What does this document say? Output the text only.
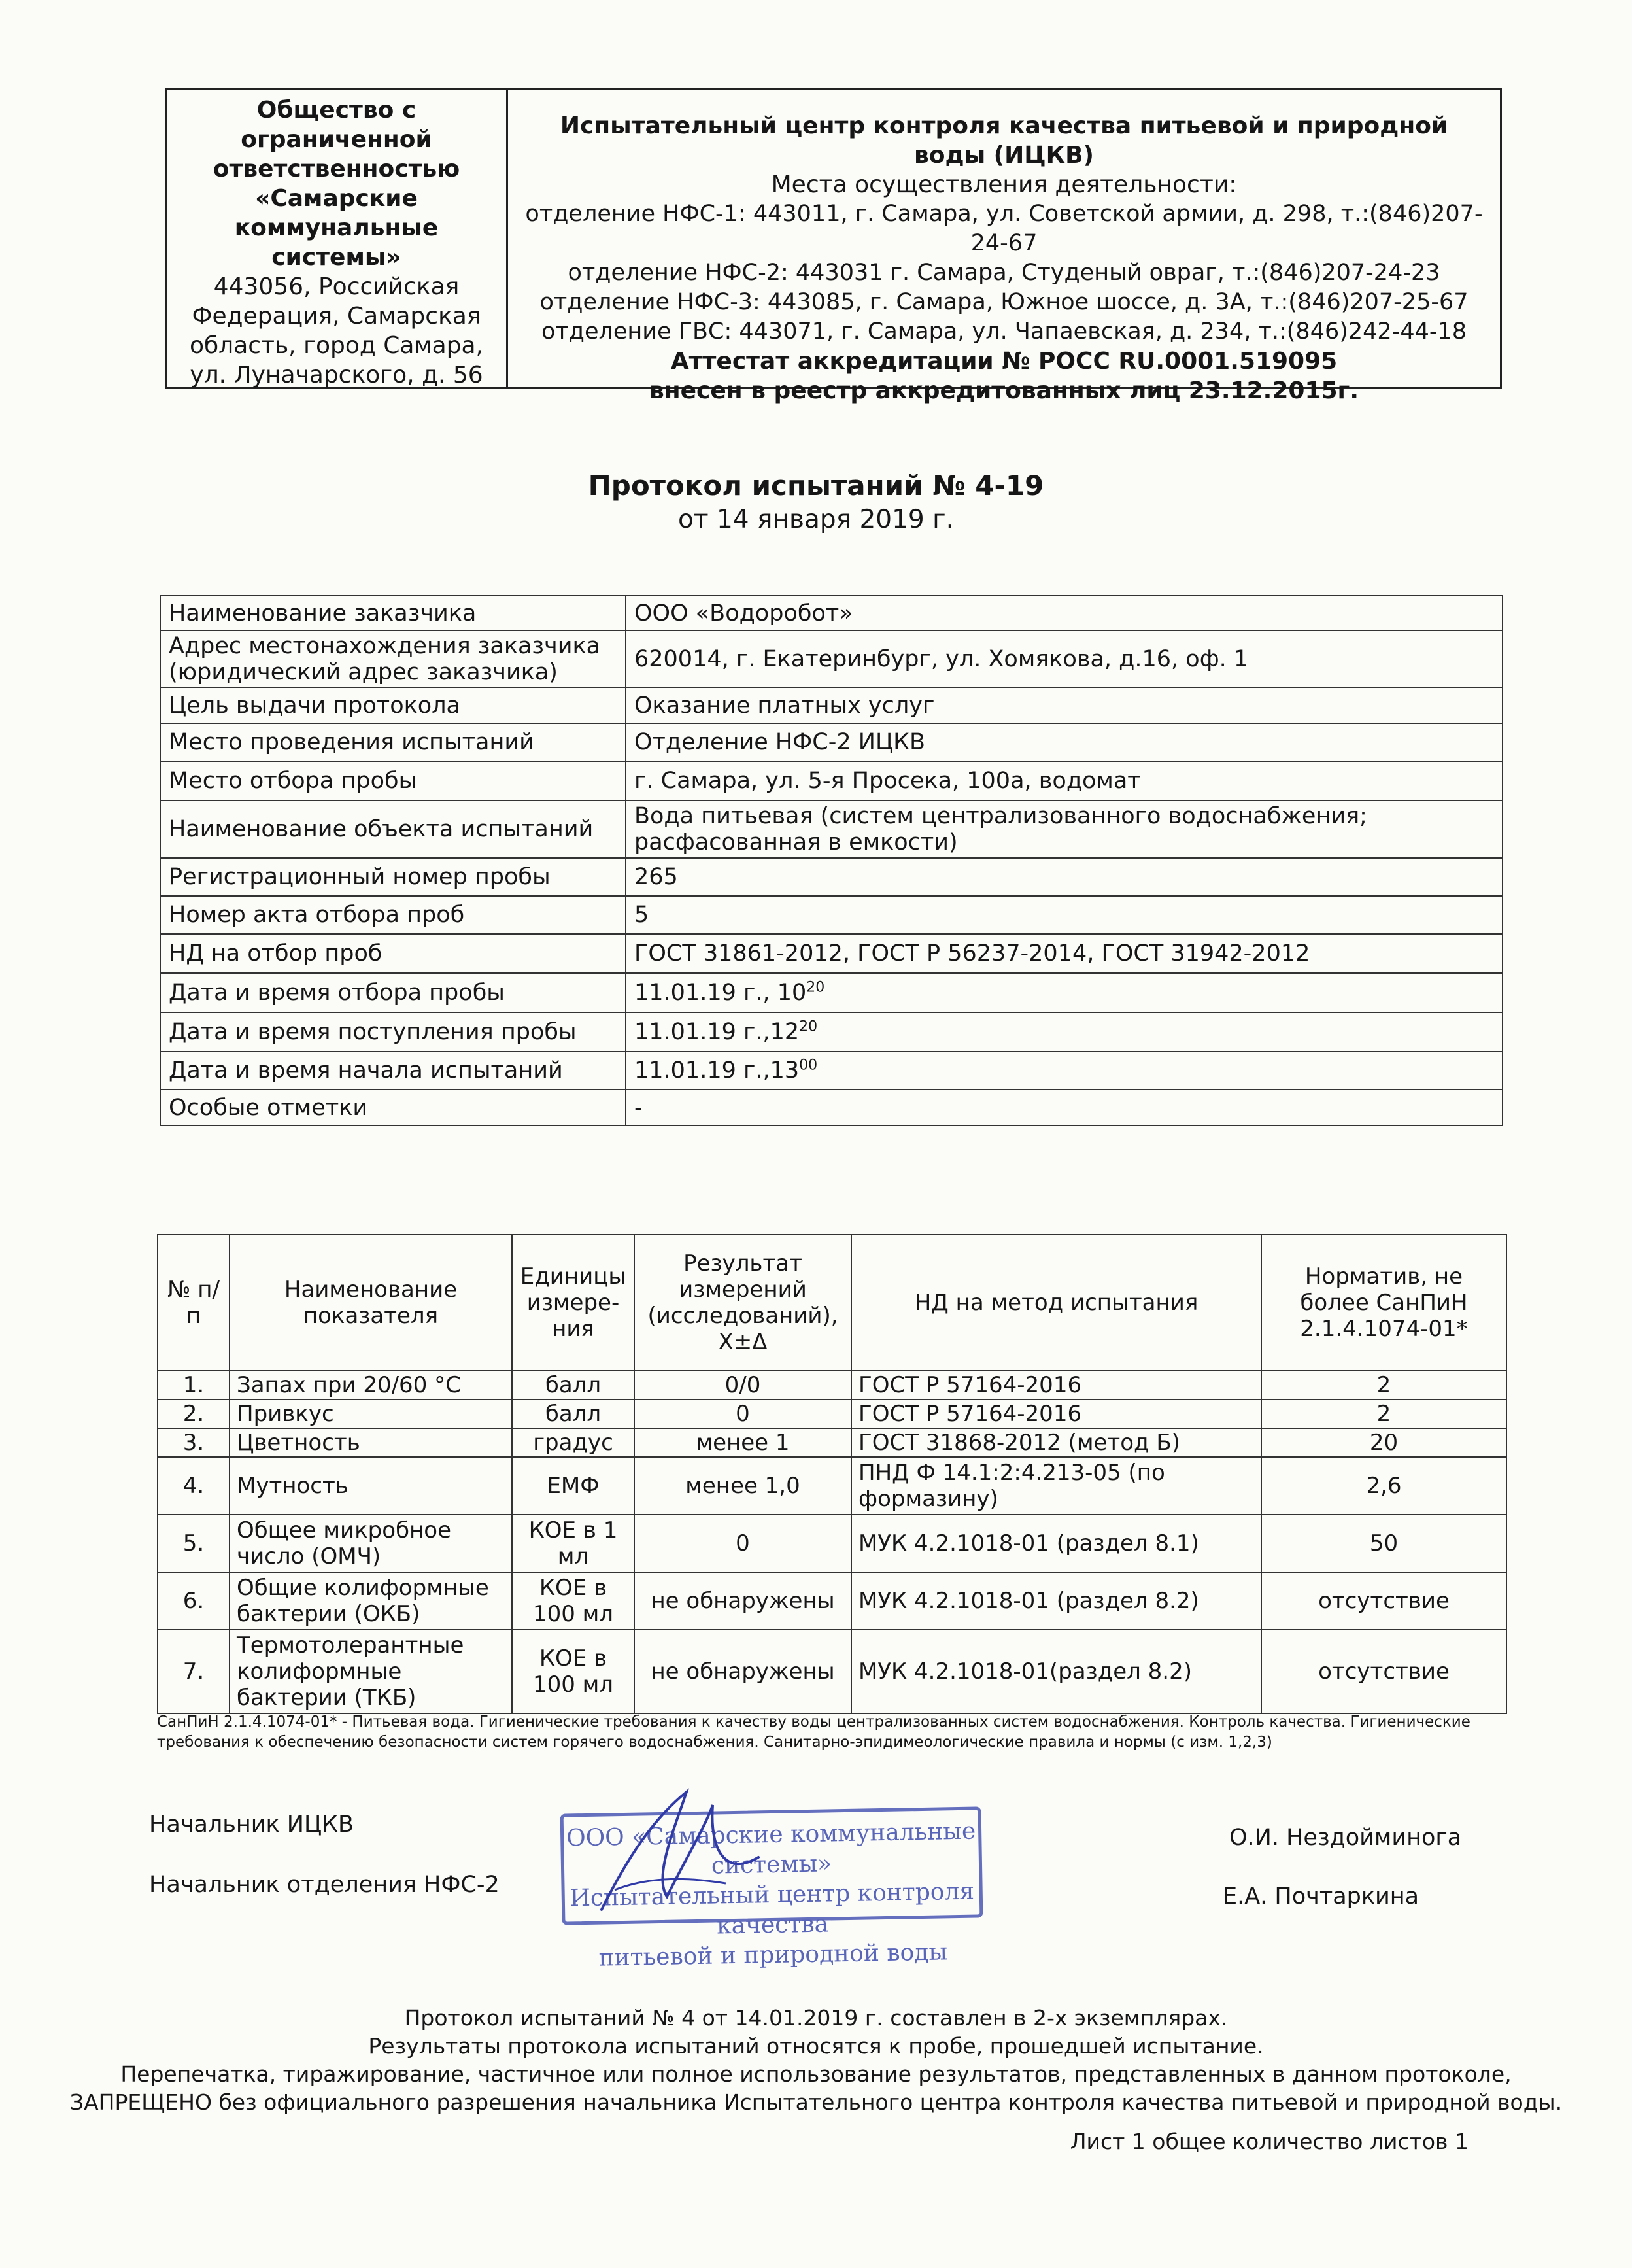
Общество с
ограниченной
ответственностью
«Самарские
коммунальные
системы»
443056, Российская
Федерация, Самарская
область, город Самара,
ул. Луначарского, д. 56
Испытательный центр контроля качества питьевой и природной
воды (ИЦКВ)
Места осуществления деятельности:
отделение НФС-1: 443011, г. Самара, ул. Советской армии, д. 298, т.:(846)207-24-67
отделение НФС-2: 443031 г. Самара, Студеный овраг, т.:(846)207-24-23
отделение НФС-3: 443085, г. Самара, Южное шоссе, д. 3А, т.:(846)207-25-67
отделение ГВС: 443071, г. Самара, ул. Чапаевская, д. 234, т.:(846)242-44-18
Аттестат аккредитации № РОСС RU.0001.519095
внесен в реестр аккредитованных лиц 23.12.2015г.
Протокол испытаний № 4-19
от 14 января 2019 г.
Наименование заказчика	ООО «Водоробот»
Адрес местонахождения заказчика (юридический адрес заказчика)	620014, г. Екатеринбург, ул. Хомякова, д.16, оф. 1
Цель выдачи протокола	Оказание платных услуг
Место проведения испытаний	Отделение НФС-2 ИЦКВ
Место отбора пробы	г. Самара, ул. 5-я Просека, 100а, водомат
Наименование объекта испытаний	Вода питьевая (систем централизованного водоснабжения; расфасованная в емкости)
Регистрационный номер пробы	265
Номер акта отбора проб	5
НД на отбор проб	ГОСТ 31861-2012, ГОСТ Р 56237-2014, ГОСТ 31942-2012
Дата и время отбора пробы	11.01.19 г., $10^{20}$
Дата и время поступления пробы	11.01.19 г.,12$^{20}$
Дата и время начала испытаний	11.01.19 г.,13$^{00}$
Особые отметки	-
№ п/п	Наименование показателя	Единицы измере-ния	Результат измерений (исследований), X±Δ	НД на метод испытания	Норматив, не более СанПиН 2.1.4.1074-01*
1.	Запах при 20/60 °С	балл	0/0	ГОСТ Р 57164-2016	2
2.	Привкус	балл	0	ГОСТ Р 57164-2016	2
3.	Цветность	градус	менее 1	ГОСТ 31868-2012 (метод Б)	20
4.	Мутность	ЕМФ	менее 1,0	ПНД Ф 14.1:2:4.213-05 (по формазину)	2,6
5.	Общее микробное число (ОМЧ)	КОЕ в 1 мл	0	МУК 4.2.1018-01 (раздел 8.1)	50
6.	Общие колиформные бактерии (ОКБ)	КОЕ в 100 мл	не обнаружены	МУК 4.2.1018-01 (раздел 8.2)	отсутствие
7.	Термотолерантные колиформные бактерии (ТКБ)	КОЕ в 100 мл	не обнаружены	МУК 4.2.1018-01(раздел 8.2)	отсутствие
СанПиН 2.1.4.1074-01* - Питьевая вода. Гигиенические требования к качеству воды централизованных систем водоснабжения. Контроль качества. Гигиенические требования к обеспечению безопасности систем горячего водоснабжения. Санитарно-эпидимеологические правила и нормы (с изм. 1,2,3)
Начальник ИЦКВ	О.И. Нездойминога
Начальник отделения НФС-2	Е.А. Почтаркина
ООО «Самарские коммунальные системы»
Испытательный центр контроля качества
питьевой и природной воды
Протокол испытаний № 4 от 14.01.2019 г. составлен в 2-х экземплярах.
Результаты протокола испытаний относятся к пробе, прошедшей испытание.
Перепечатка, тиражирование, частичное или полное использование результатов, представленных в данном протоколе,
ЗАПРЕЩЕНО без официального разрешения начальника Испытательного центра контроля качества питьевой и природной воды.
Лист 1 общее количество листов 1
